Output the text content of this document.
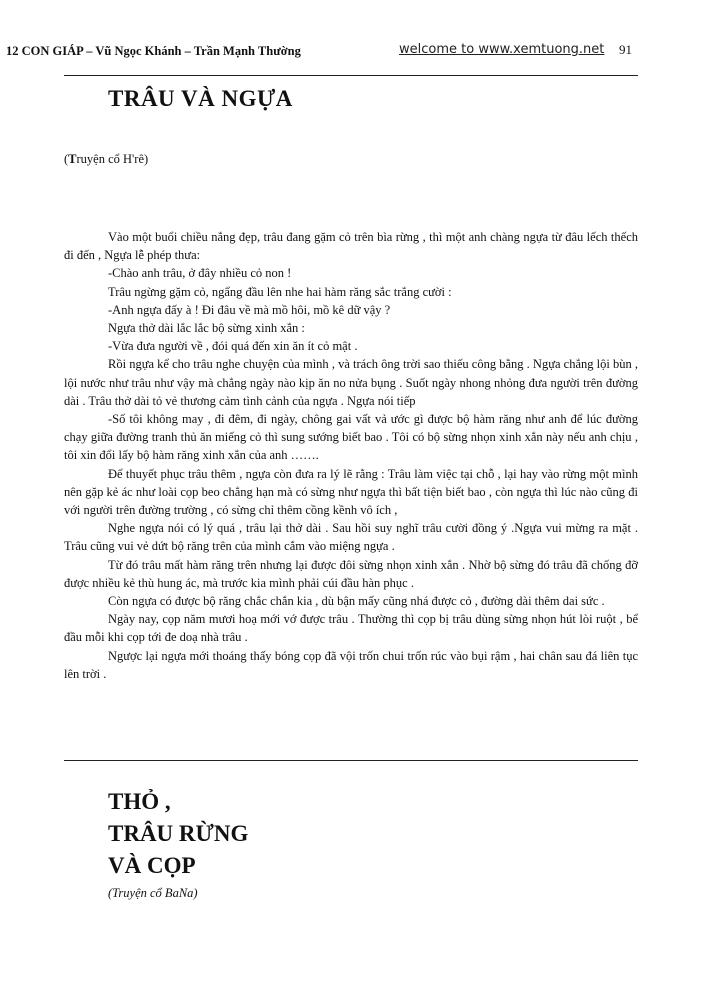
12 CON GIÁP – Vũ Ngọc Khánh – Trần Mạnh Thường	welcome to www.xemtuong.net 91
TRÂU VÀ NGỰA
(Truyện cổ H'rê)

Vào một buổi chiều nắng đẹp, trâu đang gặm cỏ trên bìa rừng , thì một anh chàng ngựa từ đâu lếch thếch đi đến , Ngựa lễ phép thưa:

-Chào anh trâu, ở đây nhiều cỏ non !

Trâu ngừng gặm cỏ, ngẩng đầu lên nhe hai hàm răng sắc trắng cười :

-Anh ngựa đấy à ! Đi đâu về mà mồ hôi, mồ kê dữ vậy ?

Ngựa thở dài lắc lắc bộ sừng xinh xắn :

-Vừa đưa người về , đói quá đến xin ăn ít cỏ mật .

Rồi ngựa kể cho trâu nghe chuyện của mình , và trách ông trời sao thiếu công bằng . Ngựa chẳng lội bùn , lội nước như trâu như vậy mà chẳng ngày nào kịp ăn no nửa bụng . Suốt ngày nhong nhỏng đưa người trên đường dài . Trâu thở dài tỏ vẻ thương cảm tình cảnh của ngựa . Ngựa nói tiếp

-Số tôi không may , đi đêm, đi ngày, chông gai vất vả ước gì được bộ hàm răng như anh để lúc đường chạy giữa đường tranh thủ ăn miếng cỏ thì sung sướng biết bao . Tôi có bộ sừng nhọn xinh xắn này nếu anh chịu , tôi xin đổi lấy bộ hàm răng xinh xắn của anh …….

Để thuyết phục trâu thêm , ngựa còn đưa ra lý lẽ rằng : Trâu làm việc tại chỗ , lại hay vào rừng một mình nên gặp kẻ ác như loài cọp beo chẳng hạn mà có sừng như ngựa thì bất tiện biết bao , còn ngựa thì lúc nào cũng đi với người trên đường trường , có sừng chỉ thêm cồng kềnh vô ích ,

Nghe ngựa nói có lý quá , trâu lại thở dài . Sau hồi suy nghĩ trâu cười đồng ý .Ngựa vui mừng ra mặt . Trâu cũng vui vẻ dứt bộ răng trên của mình cắm vào miệng ngựa .

Từ đó trâu mất hàm răng trên nhưng lại được đôi sừng nhọn xinh xắn . Nhờ bộ sừng đó trâu đã chống đỡ được nhiều kẻ thù hung ác, mà trước kia mình phải cúi đầu hàn phục .

Còn ngựa có được bộ răng chắc chắn kia , dù bận mấy cũng nhá được cỏ , đường dài thêm dai sức .

Ngày nay, cọp năm mươi hoạ mới vớ được trâu . Thường thì cọp bị trâu dùng sừng nhọn hút lòi ruột , bể đầu mỗi khi cọp tới đe doạ nhà trâu .

Ngược lại ngựa mới thoáng thấy bóng cọp đã vội trốn chui trốn rúc vào bụi rậm , hai chân sau đá liên tục lên trời .

THỎ ,
TRÂU RỪNG
VÀ CỌP
(Truyện cổ BaNa)
